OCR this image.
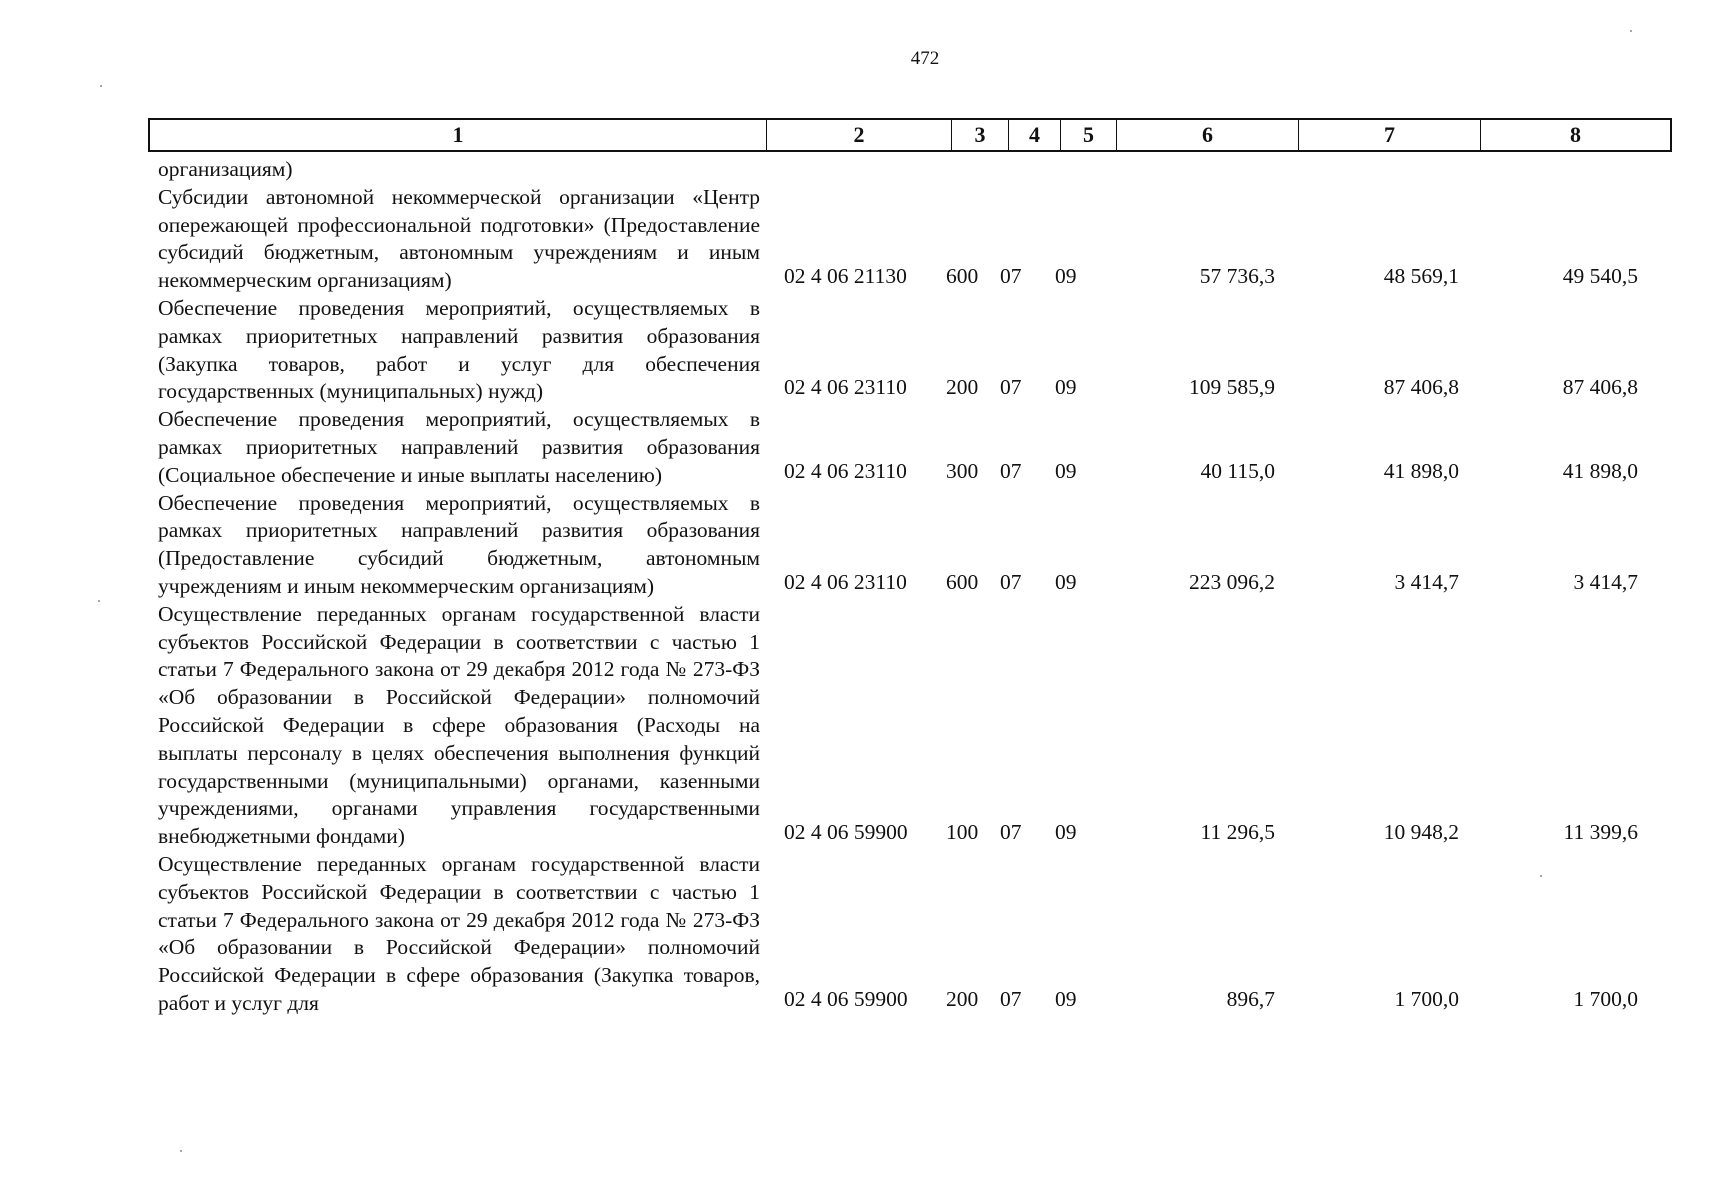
472
1	2	3	4	5	6	7	8
организациям)
Субсидии автономной некоммерческой организации «Центр опережающей профессиональной подготовки» (Предоставление субсидий бюджетным, автономным учреждениям и иным некоммерческим организациям)	02 4 06 21130	600	07	09	57 736,3	48 569,1	49 540,5
Обеспечение проведения мероприятий, осуществляемых в рамках приоритетных направлений развития образования (Закупка товаров, работ и услуг для обеспечения государственных (муниципальных) нужд)	02 4 06 23110	200	07	09	109 585,9	87 406,8	87 406,8
Обеспечение проведения мероприятий, осуществляемых в рамках приоритетных направлений развития образования (Социальное обеспечение и иные выплаты населению)	02 4 06 23110	300	07	09	40 115,0	41 898,0	41 898,0
Обеспечение проведения мероприятий, осуществляемых в рамках приоритетных направлений развития образования (Предоставление субсидий бюджетным, автономным учреждениям и иным некоммерческим организациям)	02 4 06 23110	600	07	09	223 096,2	3 414,7	3 414,7
Осуществление переданных органам государственной власти субъектов Российской Федерации в соответствии с частью 1 статьи 7 Федерального закона от 29 декабря 2012 года № 273-ФЗ «Об образовании в Российской Федерации» полномочий Российской Федерации в сфере образования (Расходы на выплаты персоналу в целях обеспечения выполнения функций государственными (муниципальными) органами, казенными учреждениями, органами управления государственными внебюджетными фондами)	02 4 06 59900	100	07	09	11 296,5	10 948,2	11 399,6
Осуществление переданных органам государственной власти субъектов Российской Федерации в соответствии с частью 1 статьи 7 Федерального закона от 29 декабря 2012 года № 273-ФЗ «Об образовании в Российской Федерации» полномочий Российской Федерации в сфере образования (Закупка товаров, работ и услуг для	02 4 06 59900	200	07	09	896,7	1 700,0	1 700,0
